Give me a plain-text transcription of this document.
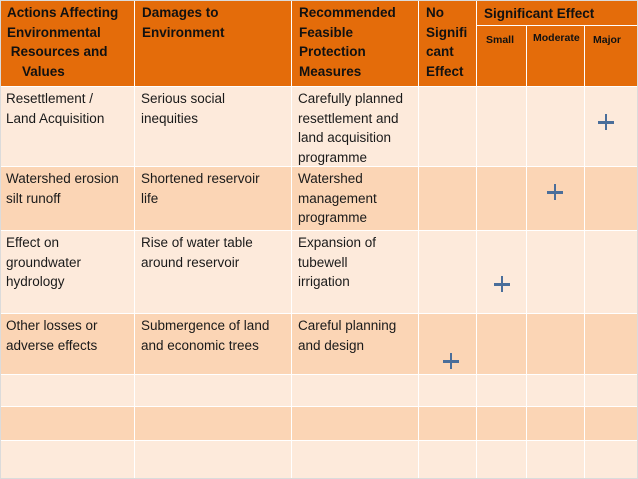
Actions Affecting
Environmental
Resources and
Values
Damages to
Environment
Recommended
Feasible
Protection
Measures
No
Signifi
cant
Effect
Significant Effect
Small Moderate Major
Resettlement /
Land Acquisition
Serious social
inequities
Carefully planned
resettlement and
land acquisition
programme
Watershed erosion
silt runoff
Shortened reservoir
life
Watershed
management
programme
Effect on
groundwater
hydrology
Rise of water table
around reservoir
Expansion of
tubewell
irrigation
Other losses or
adverse effects
Submergence of land
and economic trees
Careful planning
and design
